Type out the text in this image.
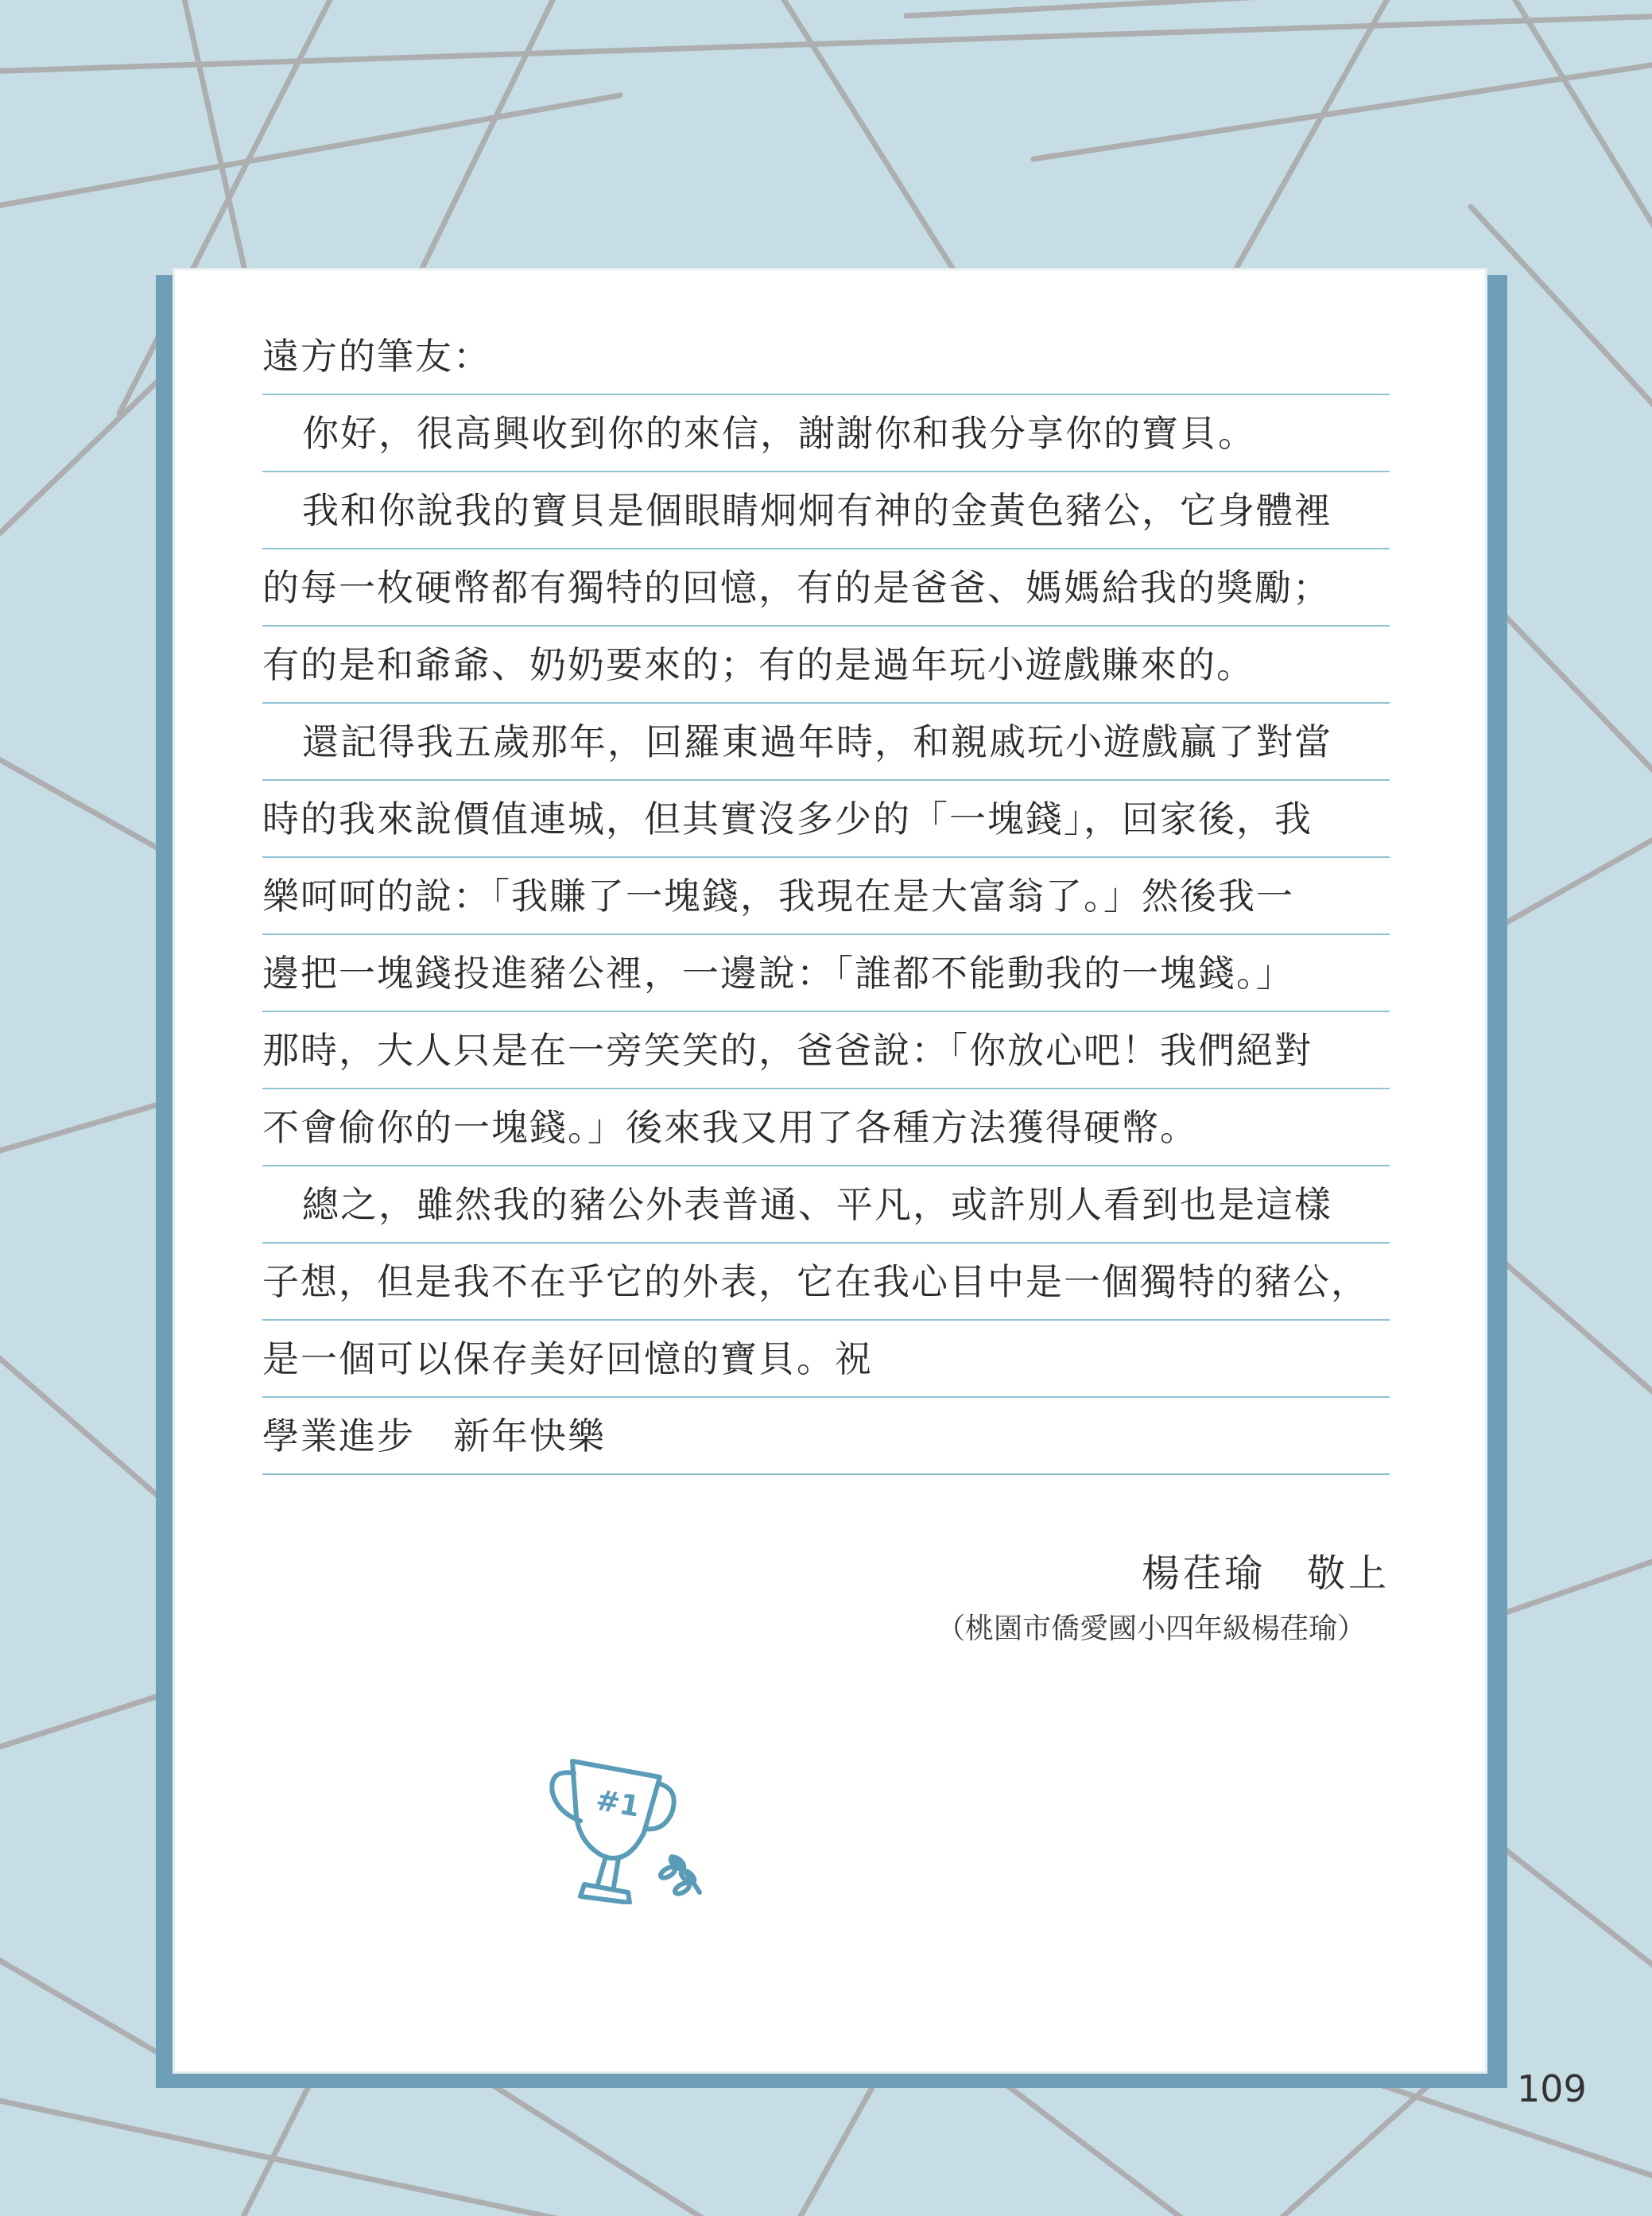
遠方的筆友：
你好，很高興收到你的來信，謝謝你和我分享你的寶貝。
我和你說我的寶貝是個眼睛炯炯有神的金黃色豬公，它身體裡
的每一枚硬幣都有獨特的回憶，有的是爸爸、媽媽給我的獎勵；
有的是和爺爺、奶奶要來的；有的是過年玩小遊戲賺來的。
還記得我五歲那年，回羅東過年時，和親戚玩小遊戲贏了對當
時的我來說價值連城，但其實沒多少的「一塊錢」，回家後，我
樂呵呵的說：「我賺了一塊錢，我現在是大富翁了。」然後我一
邊把一塊錢投進豬公裡，一邊說：「誰都不能動我的一塊錢。」
那時，大人只是在一旁笑笑的，爸爸說：「你放心吧！我們絕對
不會偷你的一塊錢。」後來我又用了各種方法獲得硬幣。
總之，雖然我的豬公外表普通、平凡，或許別人看到也是這樣
子想，但是我不在乎它的外表，它在我心目中是一個獨特的豬公，
是一個可以保存美好回憶的寶貝。祝
學業進步　新年快樂
楊荏瑜　敬上
（桃園市僑愛國小四年級楊荏瑜）
#1
109
